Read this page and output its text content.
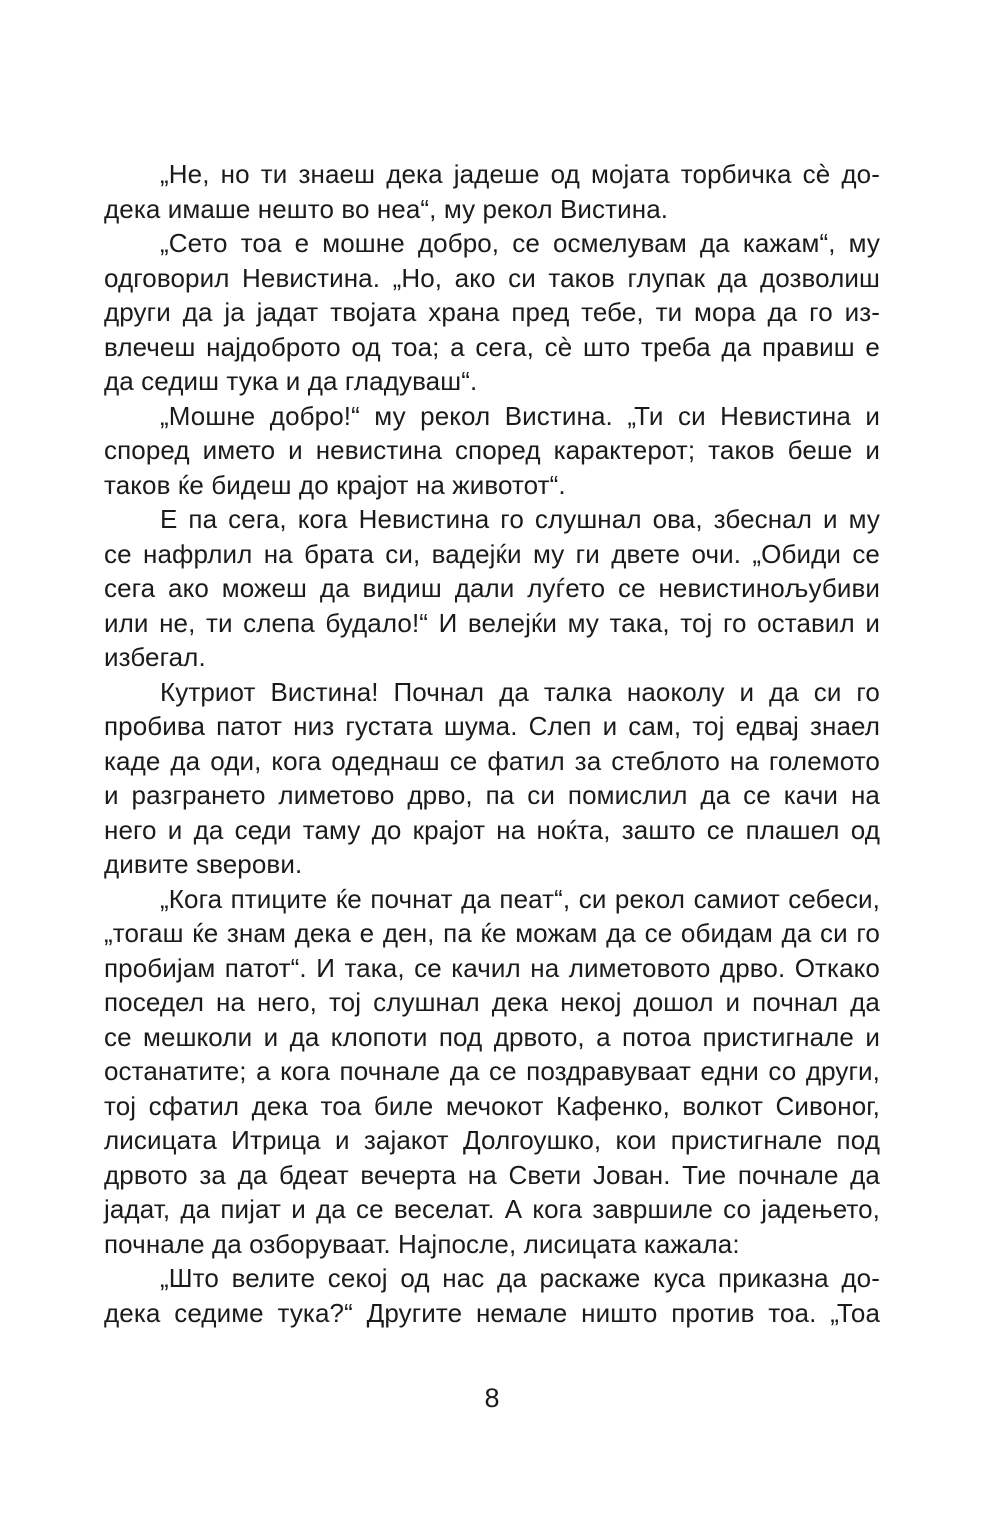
„Не, но ти знаеш дека јадеше од мојата торбичка сѐ до-
дека имаше нешто во неа“, му рекол Вистина.

„Сето тоа е мошне добро, се осмелувам да кажам“, му
одговорил Невистина. „Но, ако си таков глупак да дозволиш
други да ја јадат твојата храна пред тебе, ти мора да го из-
влечеш најдоброто од тоа; а сега, сѐ што треба да правиш е
да седиш тука и да гладуваш“.

„Мошне добро!“ му рекол Вистина. „Ти си Невистина и
според името и невистина според карактерот; таков беше и
таков ќе бидеш до крајот на животот“.

Е па сега, кога Невистина го слушнал ова, збеснал и му
се нафрлил на брата си, вадејќи му ги двете очи. „Обиди се
сега ако можеш да видиш дали луѓето се невистинољубиви
или не, ти слепа будало!“ И велејќи му така, тој го оставил и
избегал.

Кутриот Вистина! Почнал да талка наоколу и да си го
пробива патот низ густата шума. Слеп и сам, тој едвај знаел
каде да оди, кога одеднаш се фатил за стеблото на големото
и разгрането лиметово дрво, па си помислил да се качи на
него и да седи таму до крајот на ноќта, зашто се плашел од
дивите ѕверови.

„Кога птиците ќе почнат да пеат“, си рекол самиот себеси,
„тогаш ќе знам дека е ден, па ќе можам да се обидам да си го
пробијам патот“. И така, се качил на лиметовото дрво. Откако
поседел на него, тој слушнал дека некој дошол и почнал да
се мешколи и да клопоти под дрвото, а потоа пристигнале и
останатите; а кога почнале да се поздравуваат едни со други,
тој сфатил дека тоа биле мечокот Кафенко, волкот Сивоног,
лисицата Итрица и зајакот Долгоушко, кои пристигнале под
дрвото за да бдеат вечерта на Свети Јован. Тие почнале да
јадат, да пијат и да се веселат. А кога завршиле со јадењето,
почнале да озборуваат. Најпосле, лисицата кажала:

„Што велите секој од нас да раскаже куса приказна до-
дека седиме тука?“ Другите немале ништо против тоа. „Тоа

8
